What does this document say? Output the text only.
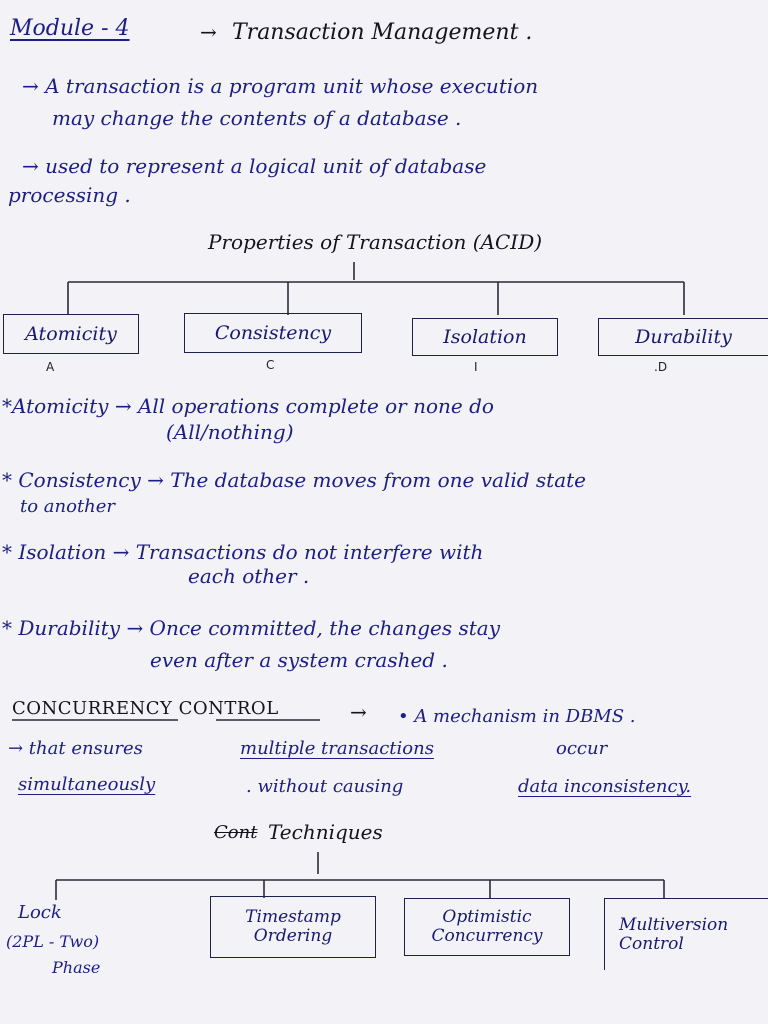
Module - 4	→ Transaction Management .
→ A transaction is a program unit whose execution
may change the contents of a database .
→ used to represent a logical unit of database
processing .
Properties of Transaction (ACID)
Atomicity	Consistency	Isolation	Durability
A	C	I	.D
*Atomicity → All operations complete or none do
(All/nothing)
* Consistency → The database moves from one valid state
to another
* Isolation → Transactions do not interfere with
each other .
* Durability → Once committed, the changes stay
even after a system crashed .
CONCURRENCY CONTROL	→ • A mechanism in DBMS .
→ that ensures	multiple transactions	occur
simultaneously	. without causing	data inconsistency.
Cont Techniques
Lock
(2PL - Two)
Phase
Timestamp
Ordering
Optimistic
Concurrency
Multiversion
Control
